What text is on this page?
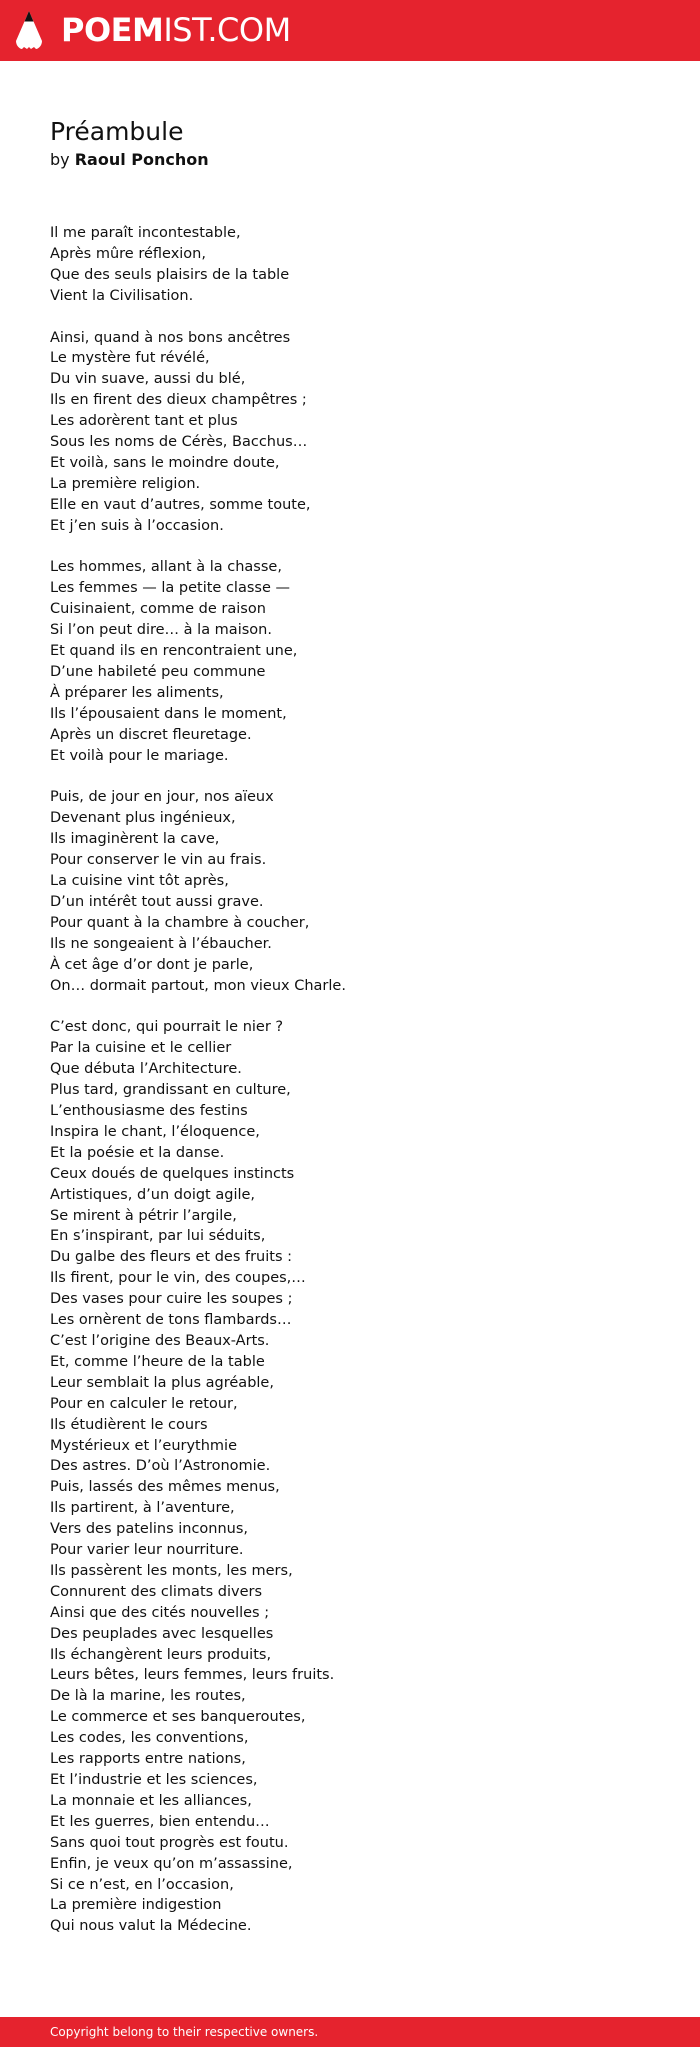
POEMIST.COM
Préambule

by Raoul Ponchon

Il me paraît incontestable,
Après mûre réflexion,
Que des seuls plaisirs de la table
Vient la Civilisation.

Ainsi, quand à nos bons ancêtres
Le mystère fut révélé,
Du vin suave, aussi du blé,
Ils en firent des dieux champêtres ;
Les adorèrent tant et plus
Sous les noms de Cérès, Bacchus…
Et voilà, sans le moindre doute,
La première religion.
Elle en vaut d’autres, somme toute,
Et j’en suis à l’occasion.

Les hommes, allant à la chasse,
Les femmes — la petite classe —
Cuisinaient, comme de raison
Si l’on peut dire… à la maison.
Et quand ils en rencontraient une,
D’une habileté peu commune
À préparer les aliments,
Ils l’épousaient dans le moment,
Après un discret fleuretage.
Et voilà pour le mariage.

Puis, de jour en jour, nos aïeux
Devenant plus ingénieux,
Ils imaginèrent la cave,
Pour conserver le vin au frais.
La cuisine vint tôt après,
D’un intérêt tout aussi grave.
Pour quant à la chambre à coucher,
Ils ne songeaient à l’ébaucher.
À cet âge d’or dont je parle,
On… dormait partout, mon vieux Charle.

C’est donc, qui pourrait le nier ?
Par la cuisine et le cellier
Que débuta l’Architecture.
Plus tard, grandissant en culture,
L’enthousiasme des festins
Inspira le chant, l’éloquence,
Et la poésie et la danse.
Ceux doués de quelques instincts
Artistiques, d’un doigt agile,
Se mirent à pétrir l’argile,
En s’inspirant, par lui séduits,
Du galbe des fleurs et des fruits :
Ils firent, pour le vin, des coupes,…
Des vases pour cuire les soupes ;
Les ornèrent de tons flambards…
C’est l’origine des Beaux-Arts.
Et, comme l’heure de la table
Leur semblait la plus agréable,
Pour en calculer le retour,
Ils étudièrent le cours
Mystérieux et l’eurythmie
Des astres. D’où l’Astronomie.
Puis, lassés des mêmes menus,
Ils partirent, à l’aventure,
Vers des patelins inconnus,
Pour varier leur nourriture.
Ils passèrent les monts, les mers,
Connurent des climats divers
Ainsi que des cités nouvelles ;
Des peuplades avec lesquelles
Ils échangèrent leurs produits,
Leurs bêtes, leurs femmes, leurs fruits.
De là la marine, les routes,
Le commerce et ses banqueroutes,
Les codes, les conventions,
Les rapports entre nations,
Et l’industrie et les sciences,
La monnaie et les alliances,
Et les guerres, bien entendu…
Sans quoi tout progrès est foutu.
Enfin, je veux qu’on m’assassine,
Si ce n’est, en l’occasion,
La première indigestion
Qui nous valut la Médecine.

Copyright belong to their respective owners.
